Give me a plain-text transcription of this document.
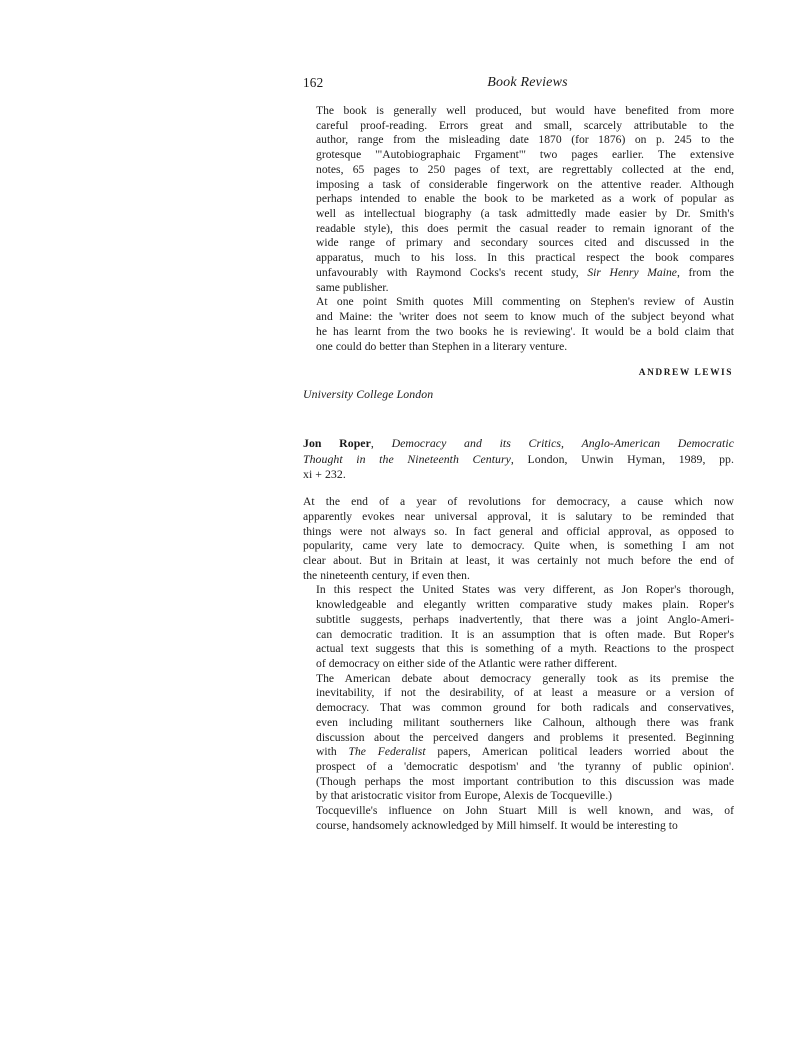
162	Book Reviews

The book is generally well produced, but would have benefited from more
careful proof-reading. Errors great and small, scarcely attributable to the
author, range from the misleading date 1870 (for 1876) on p. 245 to the
grotesque '"Autobiographaic Frgament"' two pages earlier. The extensive
notes, 65 pages to 250 pages of text, are regrettably collected at the end,
imposing a task of considerable fingerwork on the attentive reader. Although
perhaps intended to enable the book to be marketed as a work of popular as
well as intellectual biography (a task admittedly made easier by Dr. Smith's
readable style), this does permit the casual reader to remain ignorant of the
wide range of primary and secondary sources cited and discussed in the
apparatus, much to his loss. In this practical respect the book compares
unfavourably with Raymond Cocks's recent study, Sir Henry Maine, from the
same publisher.

At one point Smith quotes Mill commenting on Stephen's review of Austin
and Maine: the 'writer does not seem to know much of the subject beyond what
he has learnt from the two books he is reviewing'. It would be a bold claim that
one could do better than Stephen in a literary venture.

ANDREW LEWIS
University College London
Jon Roper, Democracy and its Critics, Anglo-American Democratic
Thought in the Nineteenth Century, London, Unwin Hyman, 1989, pp.
xi + 232.

At the end of a year of revolutions for democracy, a cause which now
apparently evokes near universal approval, it is salutary to be reminded that
things were not always so. In fact general and official approval, as opposed to
popularity, came very late to democracy. Quite when, is something I am not
clear about. But in Britain at least, it was certainly not much before the end of
the nineteenth century, if even then.

In this respect the United States was very different, as Jon Roper's thorough,
knowledgeable and elegantly written comparative study makes plain. Roper's
subtitle suggests, perhaps inadvertently, that there was a joint Anglo-Ameri-
can democratic tradition. It is an assumption that is often made. But Roper's
actual text suggests that this is something of a myth. Reactions to the prospect
of democracy on either side of the Atlantic were rather different.

The American debate about democracy generally took as its premise the
inevitability, if not the desirability, of at least a measure or a version of
democracy. That was common ground for both radicals and conservatives,
even including militant southerners like Calhoun, although there was frank
discussion about the perceived dangers and problems it presented. Beginning
with The Federalist papers, American political leaders worried about the
prospect of a 'democratic despotism' and 'the tyranny of public opinion'.
(Though perhaps the most important contribution to this discussion was made
by that aristocratic visitor from Europe, Alexis de Tocqueville.)

Tocqueville's influence on John Stuart Mill is well known, and was, of
course, handsomely acknowledged by Mill himself. It would be interesting to
